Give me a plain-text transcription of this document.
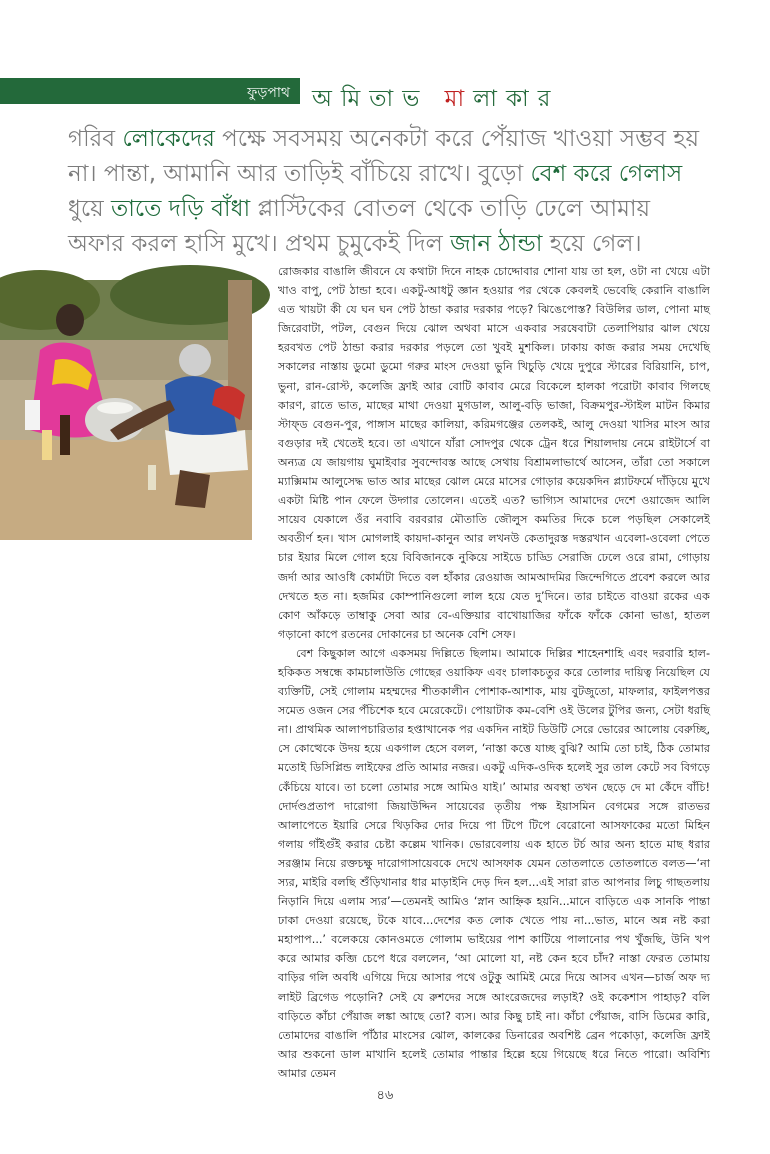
ফুড়পাথ অমিতাভ মালাকার
গরিব লোকেদের পক্ষে সবসময় অনেকটা করে পেঁয়াজ খাওয়া সম্ভব হয় না। পান্তা, আমানি আর তাড়িই বাঁচিয়ে রাখে। বুড়ো বেশ করে গেলাস ধুয়ে তাতে দড়ি বাঁধা প্লাস্টিকের বোতল থেকে তাড়ি ঢেলে আমায় অফার করল হাসি মুখে। প্রথম চুমুকেই দিল জান ঠান্ডা হয়ে গেল।

রোজকার বাঙালি জীবনে যে কথাটা দিনে নাহক চোদ্দোবার শোনা যায় তা হল, ওটা না খেয়ে এটা খাও বাপু, পেট ঠান্ডা হবে। একটু-আধটু জ্ঞান হওয়ার পর থেকে কেবলই ভেবেছি কেরানি বাঙালি এত খায়টা কী যে ঘন ঘন পেট ঠান্ডা করার দরকার পড়ে? ঝিঙেপোস্ত? বিউলির ডাল, পোনা মাছ জিরেবাটা, পটল, বেগুন দিয়ে ঝোল অথবা মাসে একবার সরষেবাটা তেলাপিয়ার ঝাল খেয়ে হরবখত পেট ঠান্ডা করার দরকার পড়লে তো খুবই মুশকিল। ঢাকায় কাজ করার সময় দেখেছি সকালের নাস্তায় ডুমো ডুমো গরুর মাংস দেওয়া ভুনি খিচুড়ি খেয়ে দুপুরে স্টারের বিরিয়ানি, চাপ, ভুনা, রান-রোস্ট, কলেজি ফ্রাই আর বোটি কাবাব মেরে বিকেলে হালকা পরোটা কাবাব গিলছে কারণ, রাতে ভাত, মাছের মাথা দেওয়া মুগডাল, আলু-বড়ি ভাজা, বিক্রমপুর-স্টাইল মাটন কিমার স্টাফ্‌ড বেগুন-পুর, পাঙ্গাস মাছের কালিয়া, করিমগঞ্জের তেলকই, আলু দেওয়া খাসির মাংস আর বগুড়ার দই খেতেই হবে। তা এখানে যাঁরা সোদপুর থেকে ট্রেন ধরে শিয়ালদায় নেমে রাইটার্সে বা অন্যত্র যে জায়গায় ঘুমাইবার সুবন্দোবস্ত আছে সেথায় বিশ্রামলাভার্থে আসেন, তাঁরা তো সকালে ম্যাক্সিমাম আলুসেদ্ধ ভাত আর মাছের ঝোল মেরে মাসের গোড়ার কয়েকদিন প্ল্যাটফর্মে দাঁড়িয়ে মুখে একটা মিষ্টি পান ফেলে উদ্গার তোলেন। এতেই এত? ভাগ্যিস আমাদের দেশে ওয়াজেদ আলি সায়েব যেকালে ওঁর নবাবি বরবরার মৌতাতি জৌলুস কমতির দিকে চলে পড়ছিল সেকালেই অবতীর্ণ হন। খাস মোগলাই কায়দা-কানুন আর লখনউ কেতাদুরস্ত দস্তরখান এবেলা-ওবেলা পেতে চার ইয়ার মিলে গোল হয়ে বিবিজানকে নুকিয়ে সাইডে চাড্ডি সেরাজি ঢেলে ওরে রামা, গোড়ায় জর্দা আর আওধি কোর্মাটা দিতে বল হাঁকার রেওয়াজ আমআদমির জিন্দেগিতে প্রবেশ করলে আর দেখতে হত না। হজমির কোম্পানিগুলো লাল হয়ে যেত দু’দিনে। তার চাইতে বাওয়া রকের এক কোণ আঁকড়ে তাম্বাকু সেবা আর বে-এক্তিয়ার বাখোয়াজির ফাঁকে ফাঁকে কোনা ভাঙা, হাতল গড়ানো কাপে রতনের দোকানের চা অনেক বেশি সেফ।

বেশ কিছুকাল আগে একসময় দিল্লিতে ছিলাম। আমাকে দিল্লির শাহেনশাহি এবং দরবারি হাল-হকিকত সম্বন্ধে কামচালাউতি গোছের ওয়াকিফ এবং চালাকচতুর করে তোলার দায়িত্ব নিয়েছিল যে ব্যক্তিটি, সেই গোলাম মহম্মদের শীতকালীন পোশাক-আশাক, মায় বুটজুতো, মাফলার, ফাইলপত্তর সমেত ওজন সের পঁচিশেক হবে মেরেকেটে। পোয়াটাক কম-বেশি ওই উলের টুপির জন্য, সেটা ধরছি না। প্রাথমিক আলাপচারিতার হপ্তাখানেক পর একদিন নাইট ডিউটি সেরে ভোরের আলোয় বেরুচ্ছি, সে কোত্থেকে উদয় হয়ে একগাল হেসে বলল, ‘নাস্তা কত্তে যাচ্ছ বুঝি? আমি তো চাই, ঠিক তোমার মতোই ডিসিপ্লিন্ড লাইফের প্রতি আমার নজর। একটু এদিক-ওদিক হলেই সুর তাল কেটে সব বিগড়ে কেঁচিয়ে যাবে। তা চলো তোমার সঙ্গে আমিও যাই।’ আমার অবস্থা তখন ছেড়ে দে মা কেঁদে বাঁচি! দোর্দণ্ডপ্রতাপ দারোগা জিয়াউদ্দিন সায়েবের তৃতীয় পক্ষ ইয়াসমিন বেগমের সঙ্গে রাতভর আলাপেতে ইয়ারি সেরে খিড়কির দোর দিয়ে পা টিপে টিপে বেরোনো আসফাকের মতো মিহিন গলায় গাঁইগুঁই করার চেষ্টা কল্লেম খানিক। ভোরবেলায় এক হাতে টর্চ আর অন্য হাতে মাছ ধরার সরঞ্জাম নিয়ে রক্তচক্ষু দারোগাসায়েবকে দেখে আসফাক যেমন তোতলাতে তোতলাতে বলত—‘না স্যর, মাইরি বলছি শুঁড়িখানার ধার মাড়াইনি দেড় দিন হল...এই সারা রাত আপনার লিচু গাছতলায় নিড়ানি দিয়ে এলাম স্যর’—তেমনই আমিও ‘স্নান আহ্নিক হয়নি...মানে বাড়িতে এক সানকি পান্তা ঢাকা দেওয়া রয়েছে, টকে যাবে...দেশের কত লোক খেতে পায় না...ভাত, মানে অন্ন নষ্ট করা মহাপাপ...’ বলেকয়ে কোনওমতে গোলাম ভাইয়ের পাশ কাটিয়ে পালানোর পথ খুঁজছি, উনি খপ করে আমার কব্জি চেপে ধরে বললেন, ‘আ মোলো যা, নষ্ট কেন হবে চাঁদ? নাস্তা ফেরত তোমায় বাড়ির গলি অবধি এগিয়ে দিয়ে আসার পথে ওটুকু আমিই মেরে দিয়ে আসব এখন—চার্জ অফ দ্য লাইট ব্রিগেড পড়োনি? সেই যে রুশদের সঙ্গে আংরেজদের লড়াই? ওই ককেশাস পাহাড়? বলি বাড়িতে কাঁচা পেঁয়াজ লঙ্কা আছে তো? ব্যস। আর কিছু চাই না। কাঁচা পেঁয়াজ, বাসি ডিমের কারি, তোমাদের বাঙালি পাঁঠার মাংসের ঝোল, কালকের ডিনারের অবশিষ্ট ব্রেন পকোড়া, কলেজি ফ্রাই আর শুকনো ডাল মাখানি হলেই তোমার পান্তার হিল্লে হয়ে গিয়েছে ধরে নিতে পারো। অবিশ্যি আমার তেমন

৪৬
